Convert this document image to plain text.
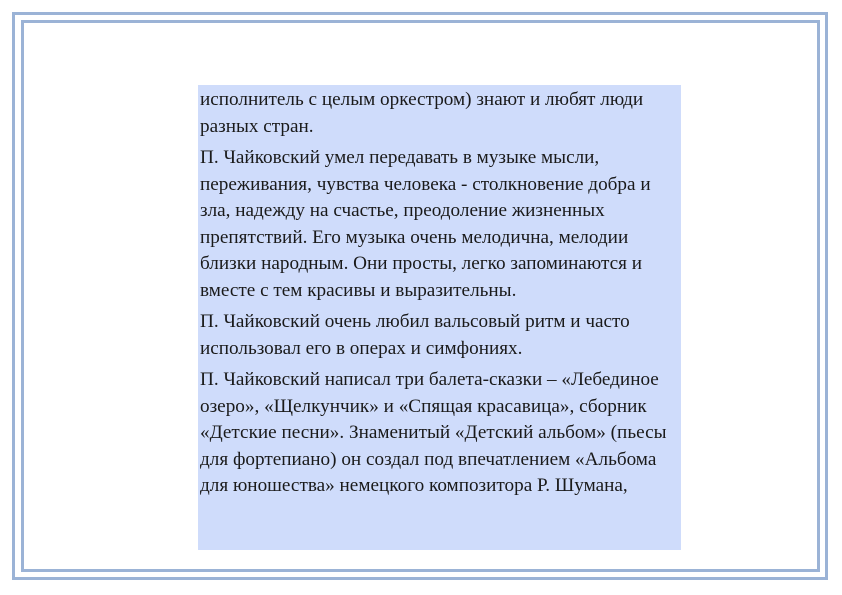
исполнитель с целым оркестром) знают и любят люди разных стран.

П. Чайковский умел передавать в музыке мысли, переживания, чувства человека - столкновение добра и зла, надежду на счастье, преодоление жизненных препятствий. Его музыка очень мелодична, мелодии близки народным. Они просты, легко запоминаются и вместе с тем красивы и выразительны.

П. Чайковский очень любил вальсовый ритм и часто использовал его в операх и симфониях.

П. Чайковский написал три балета-сказки – «Лебединое озеро», «Щелкунчик» и «Спящая красавица», сборник «Детские песни». Знаменитый «Детский альбом» (пьесы для фортепиано) он создал под впечатлением «Альбома для юношества» немецкого композитора Р. Шумана,
